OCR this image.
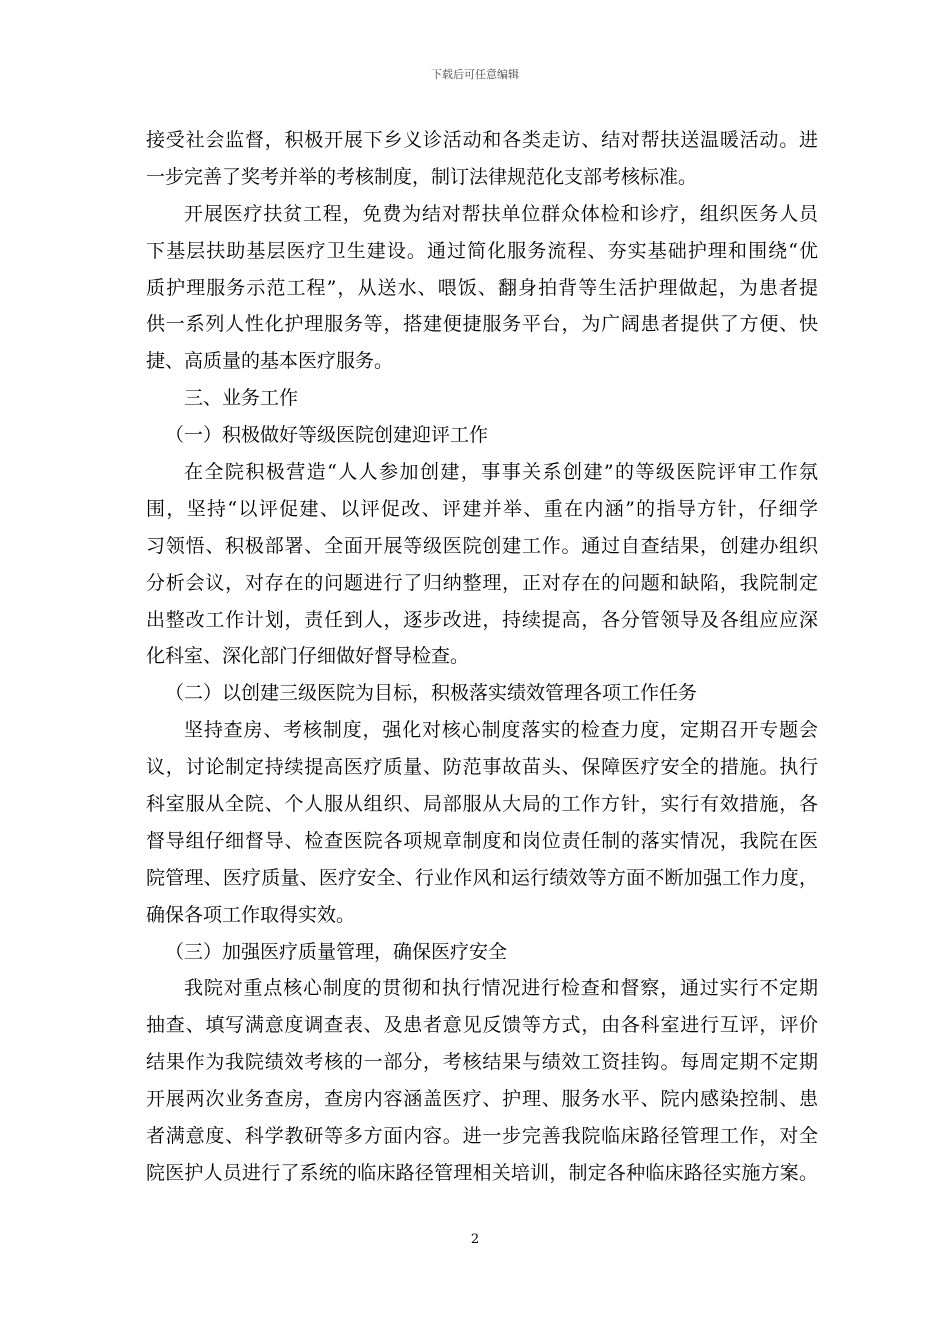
下载后可任意编辑
接受社会监督，积极开展下乡义诊活动和各类走访、结对帮扶送温暖活动。进
一步完善了奖考并举的考核制度，制订法律规范化支部考核标准。
开展医疗扶贫工程，免费为结对帮扶单位群众体检和诊疗，组织医务人员
下基层扶助基层医疗卫生建设。通过简化服务流程、夯实基础护理和围绕“优
质护理服务示范工程”，从送水、喂饭、翻身拍背等生活护理做起，为患者提
供一系列人性化护理服务等，搭建便捷服务平台，为广阔患者提供了方便、快
捷、高质量的基本医疗服务。
三、业务工作
（一）积极做好等级医院创建迎评工作
在全院积极营造“人人参加创建，事事关系创建”的等级医院评审工作氛
围，坚持“以评促建、以评促改、评建并举、重在内涵”的指导方针，仔细学
习领悟、积极部署、全面开展等级医院创建工作。通过自查结果，创建办组织
分析会议，对存在的问题进行了归纳整理，正对存在的问题和缺陷，我院制定
出整改工作计划，责任到人，逐步改进，持续提高，各分管领导及各组应应深
化科室、深化部门仔细做好督导检查。
（二）以创建三级医院为目标，积极落实绩效管理各项工作任务
坚持查房、考核制度，强化对核心制度落实的检查力度，定期召开专题会
议，讨论制定持续提高医疗质量、防范事故苗头、保障医疗安全的措施。执行
科室服从全院、个人服从组织、局部服从大局的工作方针，实行有效措施，各
督导组仔细督导、检查医院各项规章制度和岗位责任制的落实情况，我院在医
院管理、医疗质量、医疗安全、行业作风和运行绩效等方面不断加强工作力度，
确保各项工作取得实效。
（三）加强医疗质量管理，确保医疗安全
我院对重点核心制度的贯彻和执行情况进行检查和督察，通过实行不定期
抽查、填写满意度调查表、及患者意见反馈等方式，由各科室进行互评，评价
结果作为我院绩效考核的一部分，考核结果与绩效工资挂钩。每周定期不定期
开展两次业务查房，查房内容涵盖医疗、护理、服务水平、院内感染控制、患
者满意度、科学教研等多方面内容。进一步完善我院临床路径管理工作，对全
院医护人员进行了系统的临床路径管理相关培训，制定各种临床路径实施方案。
2
